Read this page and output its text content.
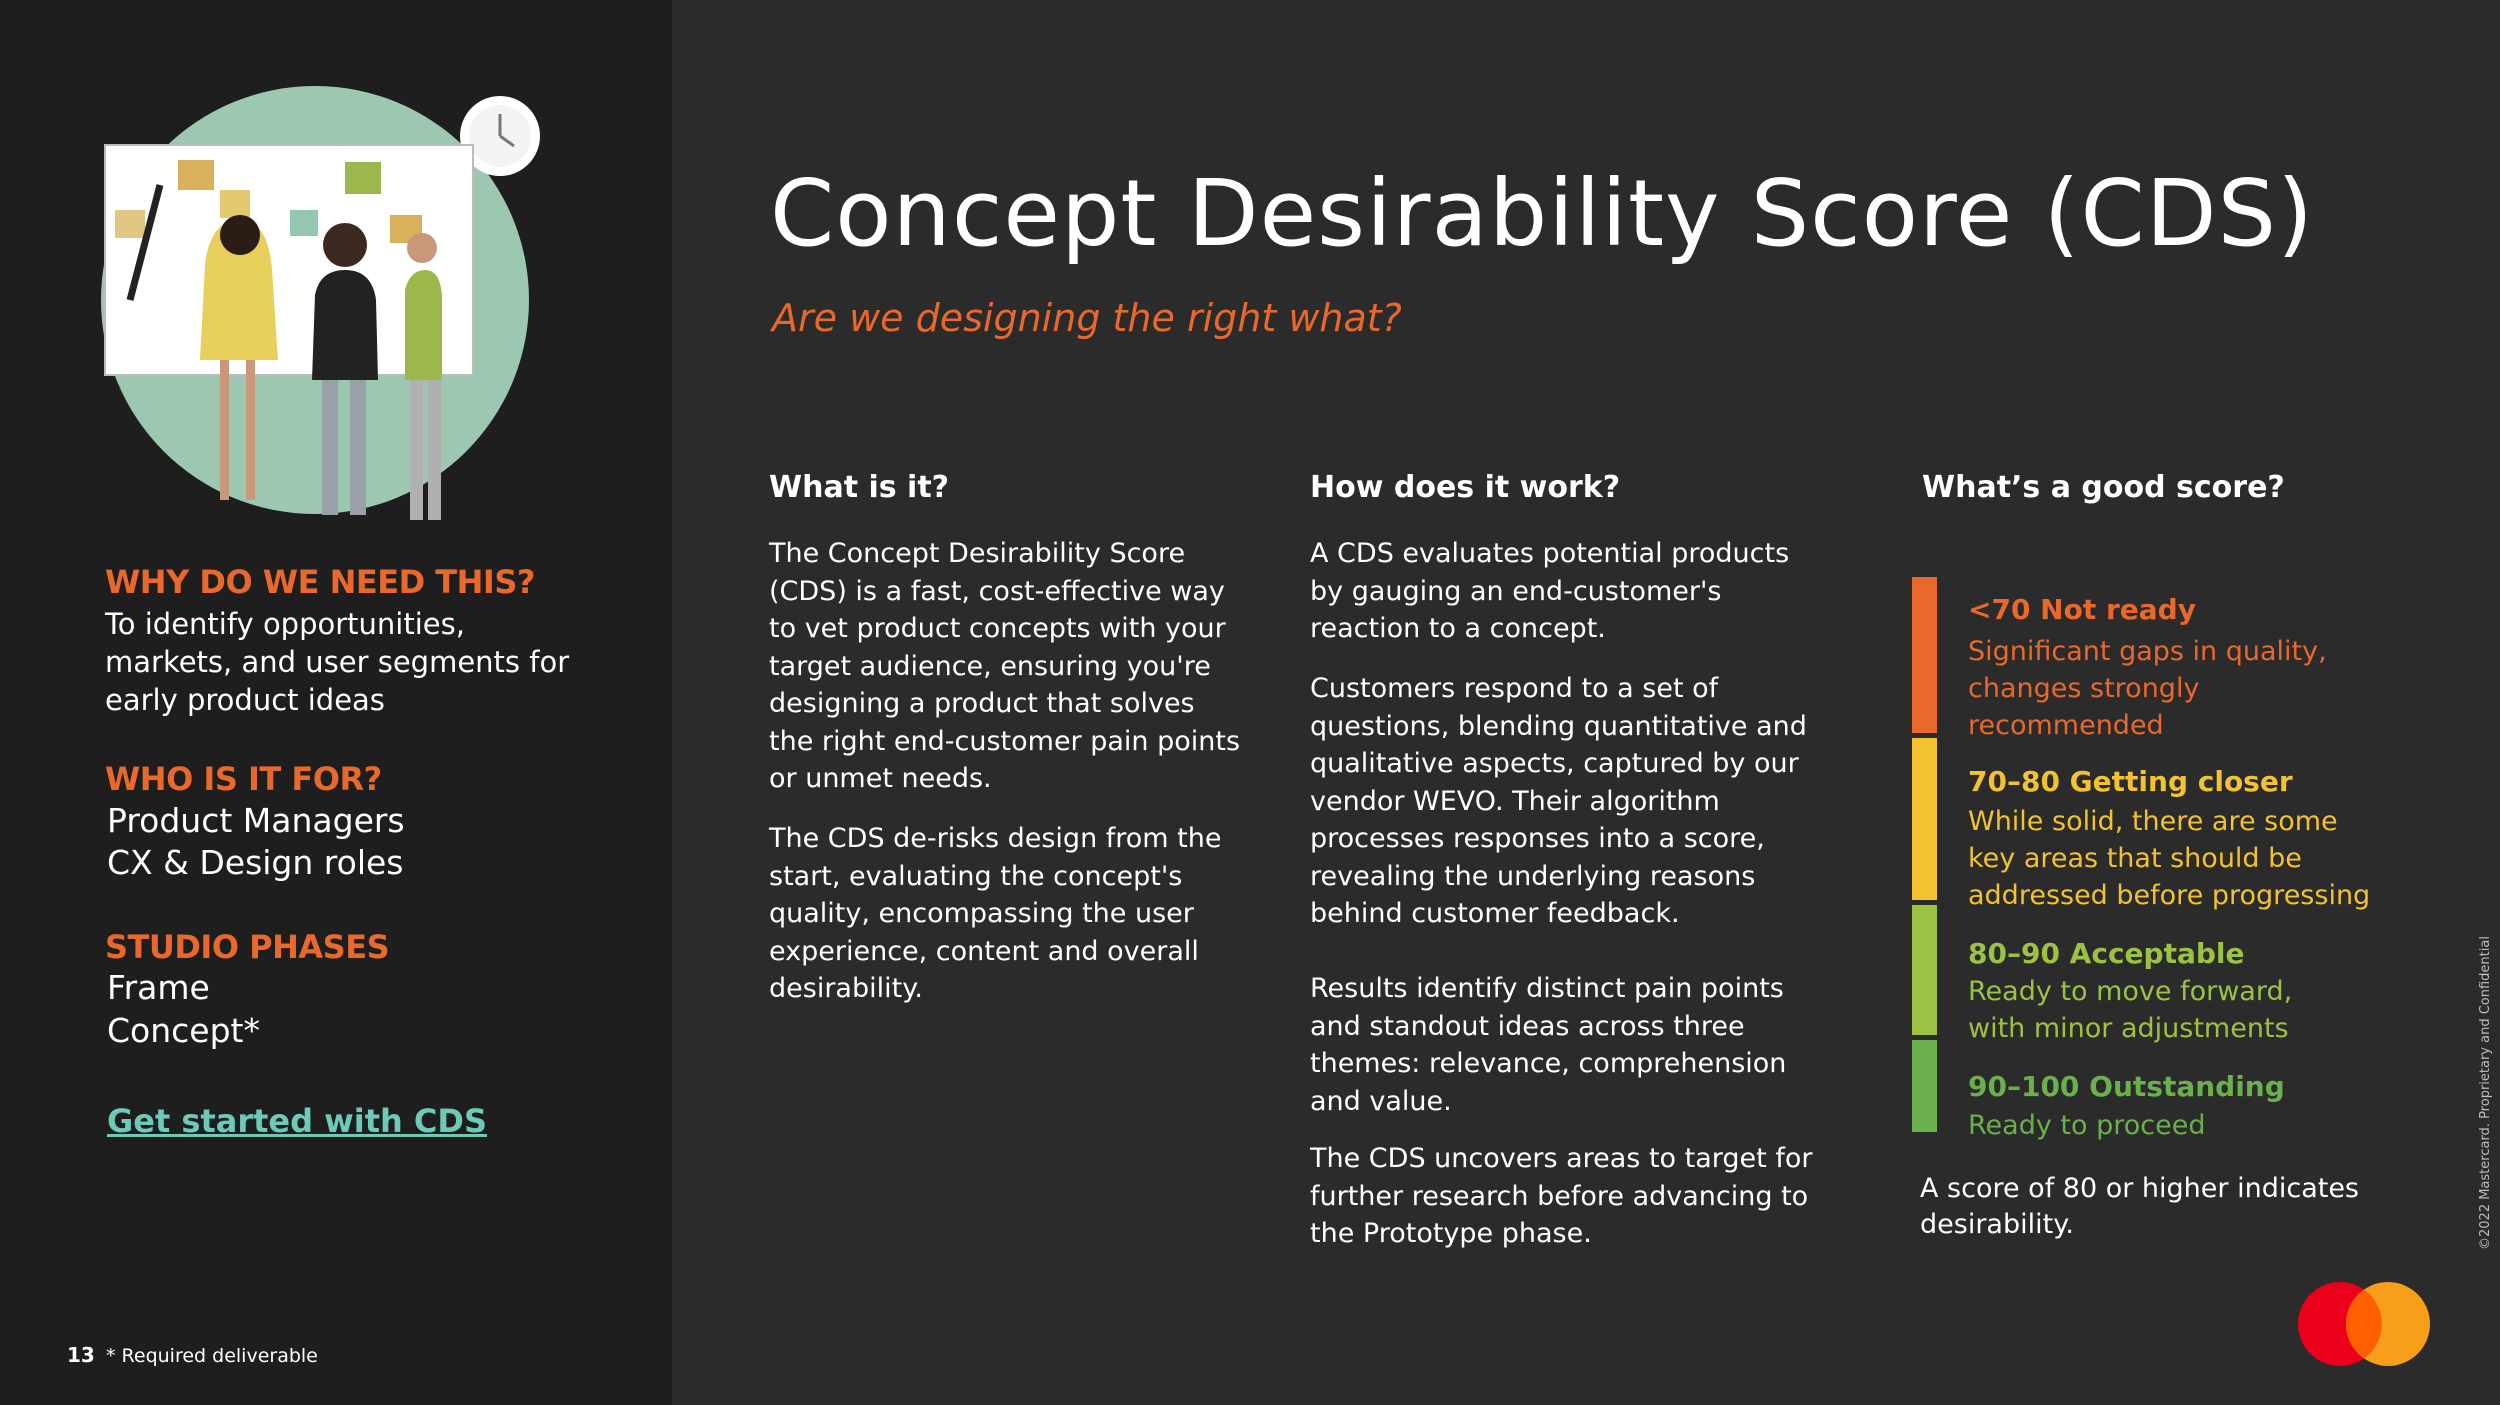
WHY DO WE NEED THIS?
To identify opportunities, markets, and user segments for early product ideas
WHO IS IT FOR?
Product Managers
CX & Design roles
STUDIO PHASES
Frame
Concept*
Get started with CDS
13 * Required deliverable
Concept Desirability Score (CDS)

Are we designing the right what?

What is it?

The Concept Desirability Score (CDS) is a fast, cost-effective way to vet product concepts with your target audience, ensuring you're designing a product that solves the right end-customer pain points or unmet needs.

The CDS de-risks design from the start, evaluating the concept's quality, encompassing the user experience, content and overall desirability.

How does it work?

A CDS evaluates potential products by gauging an end-customer's reaction to a concept.

Customers respond to a set of questions, blending quantitative and qualitative aspects, captured by our vendor WEVO. Their algorithm processes responses into a score, revealing the underlying reasons behind customer feedback.

Results identify distinct pain points and standout ideas across three themes: relevance, comprehension and value.

The CDS uncovers areas to target for further research before advancing to the Prototype phase.

What’s a good score?
<70 Not ready
Significant gaps in quality, changes strongly recommended
70–80 Getting closer
While solid, there are some key areas that should be addressed before progressing
80–90 Acceptable
Ready to move forward, with minor adjustments
90–100 Outstanding
Ready to proceed
A score of 80 or higher indicates desirability.	©2022 Mastercard. Proprietary and Confidential
